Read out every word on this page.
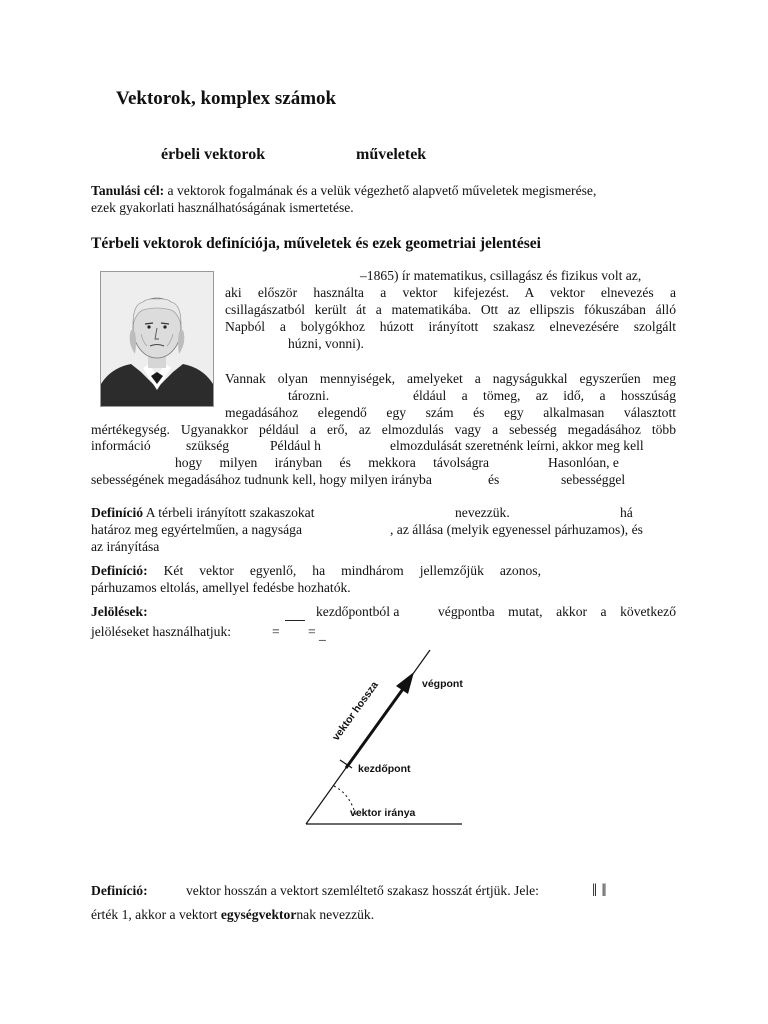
Vektorok, komplex számok
érbeli vektorok	műveletek
Tanulási cél: a vektorok fogalmának és a velük végezhető alapvető műveletek megismerése,
ezek gyakorlati használhatóságának ismertetése.
Térbeli vektorok definíciója, műveletek és ezek geometriai jelentései
–1865) ír matematikus, csillagász és fizikus volt az,
aki először használta a vektor kifejezést. A vektor elnevezés a
csillagászatból került át a matematikába. Ott az ellipszis fókuszában álló
Napból a bolygókhoz húzott irányított szakasz elnevezésére szolgált
húzni, vonni).
Vannak olyan mennyiségek, amelyeket a nagyságukkal egyszerűen meg
tározni.	éldául a tömeg, az idő, a hosszúság
megadásához elegendő egy szám és egy alkalmasan választott
mértékegység. Ugyanakkor például a erő, az elmozdulás vagy a sebesség megadásához több
információ	szükség	Például h	elmozdulását szeretnénk leírni, akkor meg kell
hogy milyen irányban és mekkora távolságra	Hasonlóan, e
sebességének megadásához tudnunk kell, hogy milyen irányba	és	sebességgel
Definíció A térbeli irányított szakaszokat	nevezzük.	há
határoz meg egyértelműen, a nagysága	, az állása (melyik egyenessel párhuzamos), és
az irányítása
Definíció: Két vektor egyenlő, ha mindhárom jellemzőjük azonos,
párhuzamos eltolás, amellyel fedésbe hozhatók.
Jelölések:	kezdőpontból a	végpontba mutat, akkor a következő
jelöléseket használhatjuk:	= = _
vektor hossza	végpont
kezdőpont
vektor iránya
Definíció:	vektor hosszán a vektort szemléltető szakasz hosszát értjük. Jele:	‖ ‖
érték 1, akkor a vektort egységvektornak nevezzük.
